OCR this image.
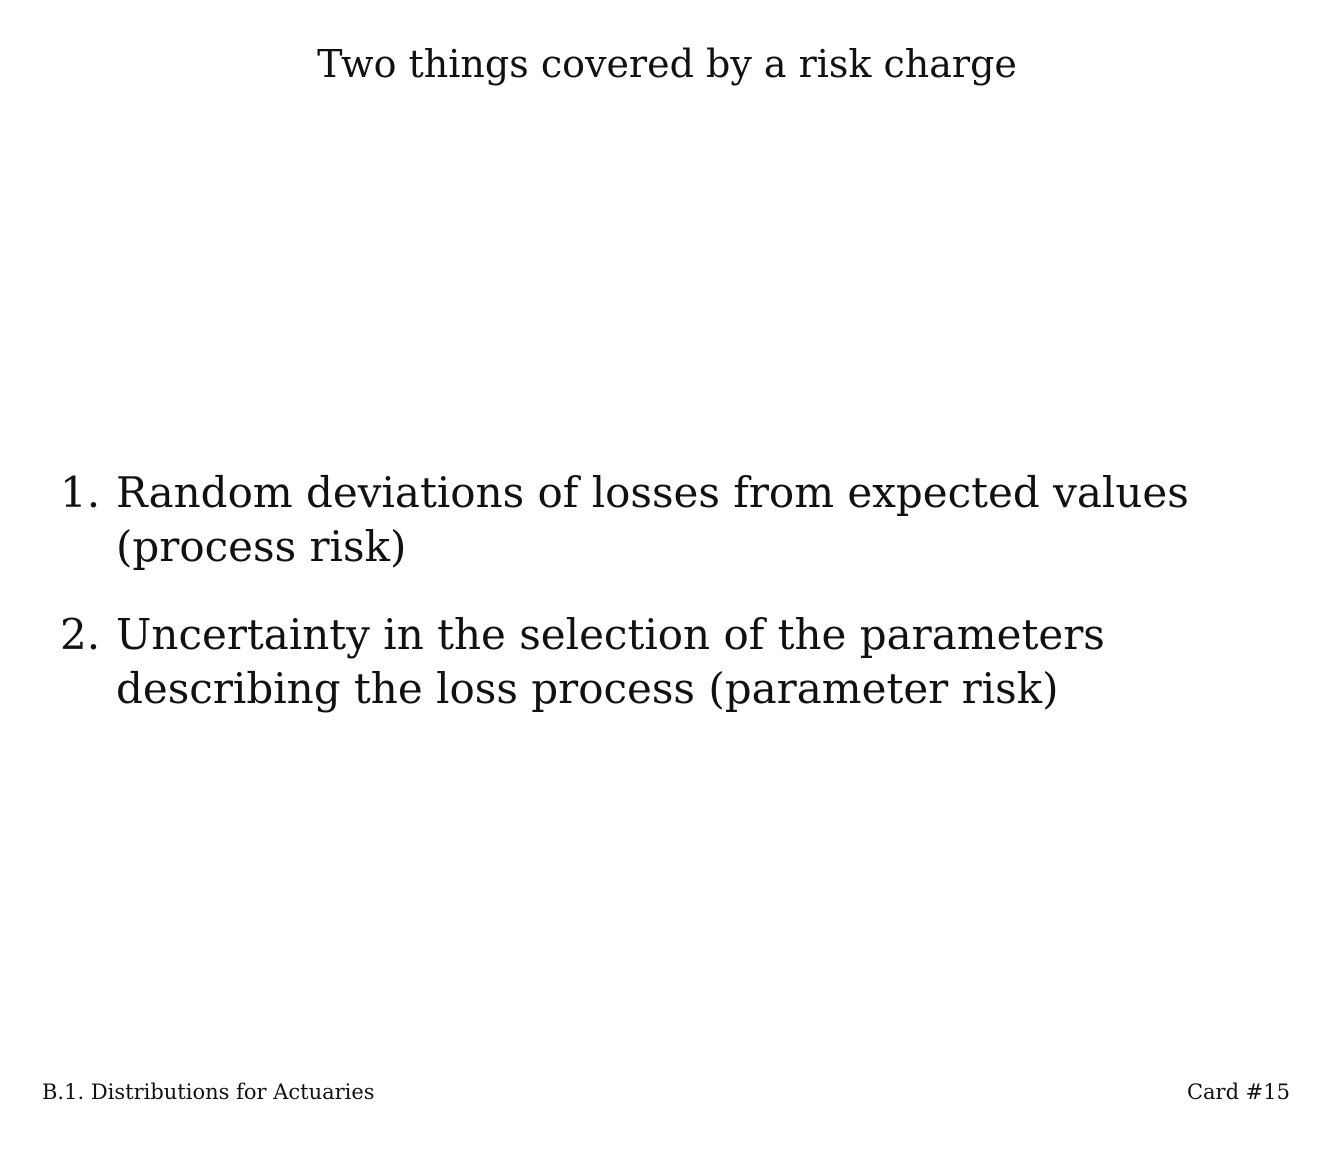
Two things covered by a risk charge
1. Random deviations of losses from expected values (process risk)
2. Uncertainty in the selection of the parameters describing the loss process (parameter risk)
B.1. Distributions for Actuaries	Card #15
